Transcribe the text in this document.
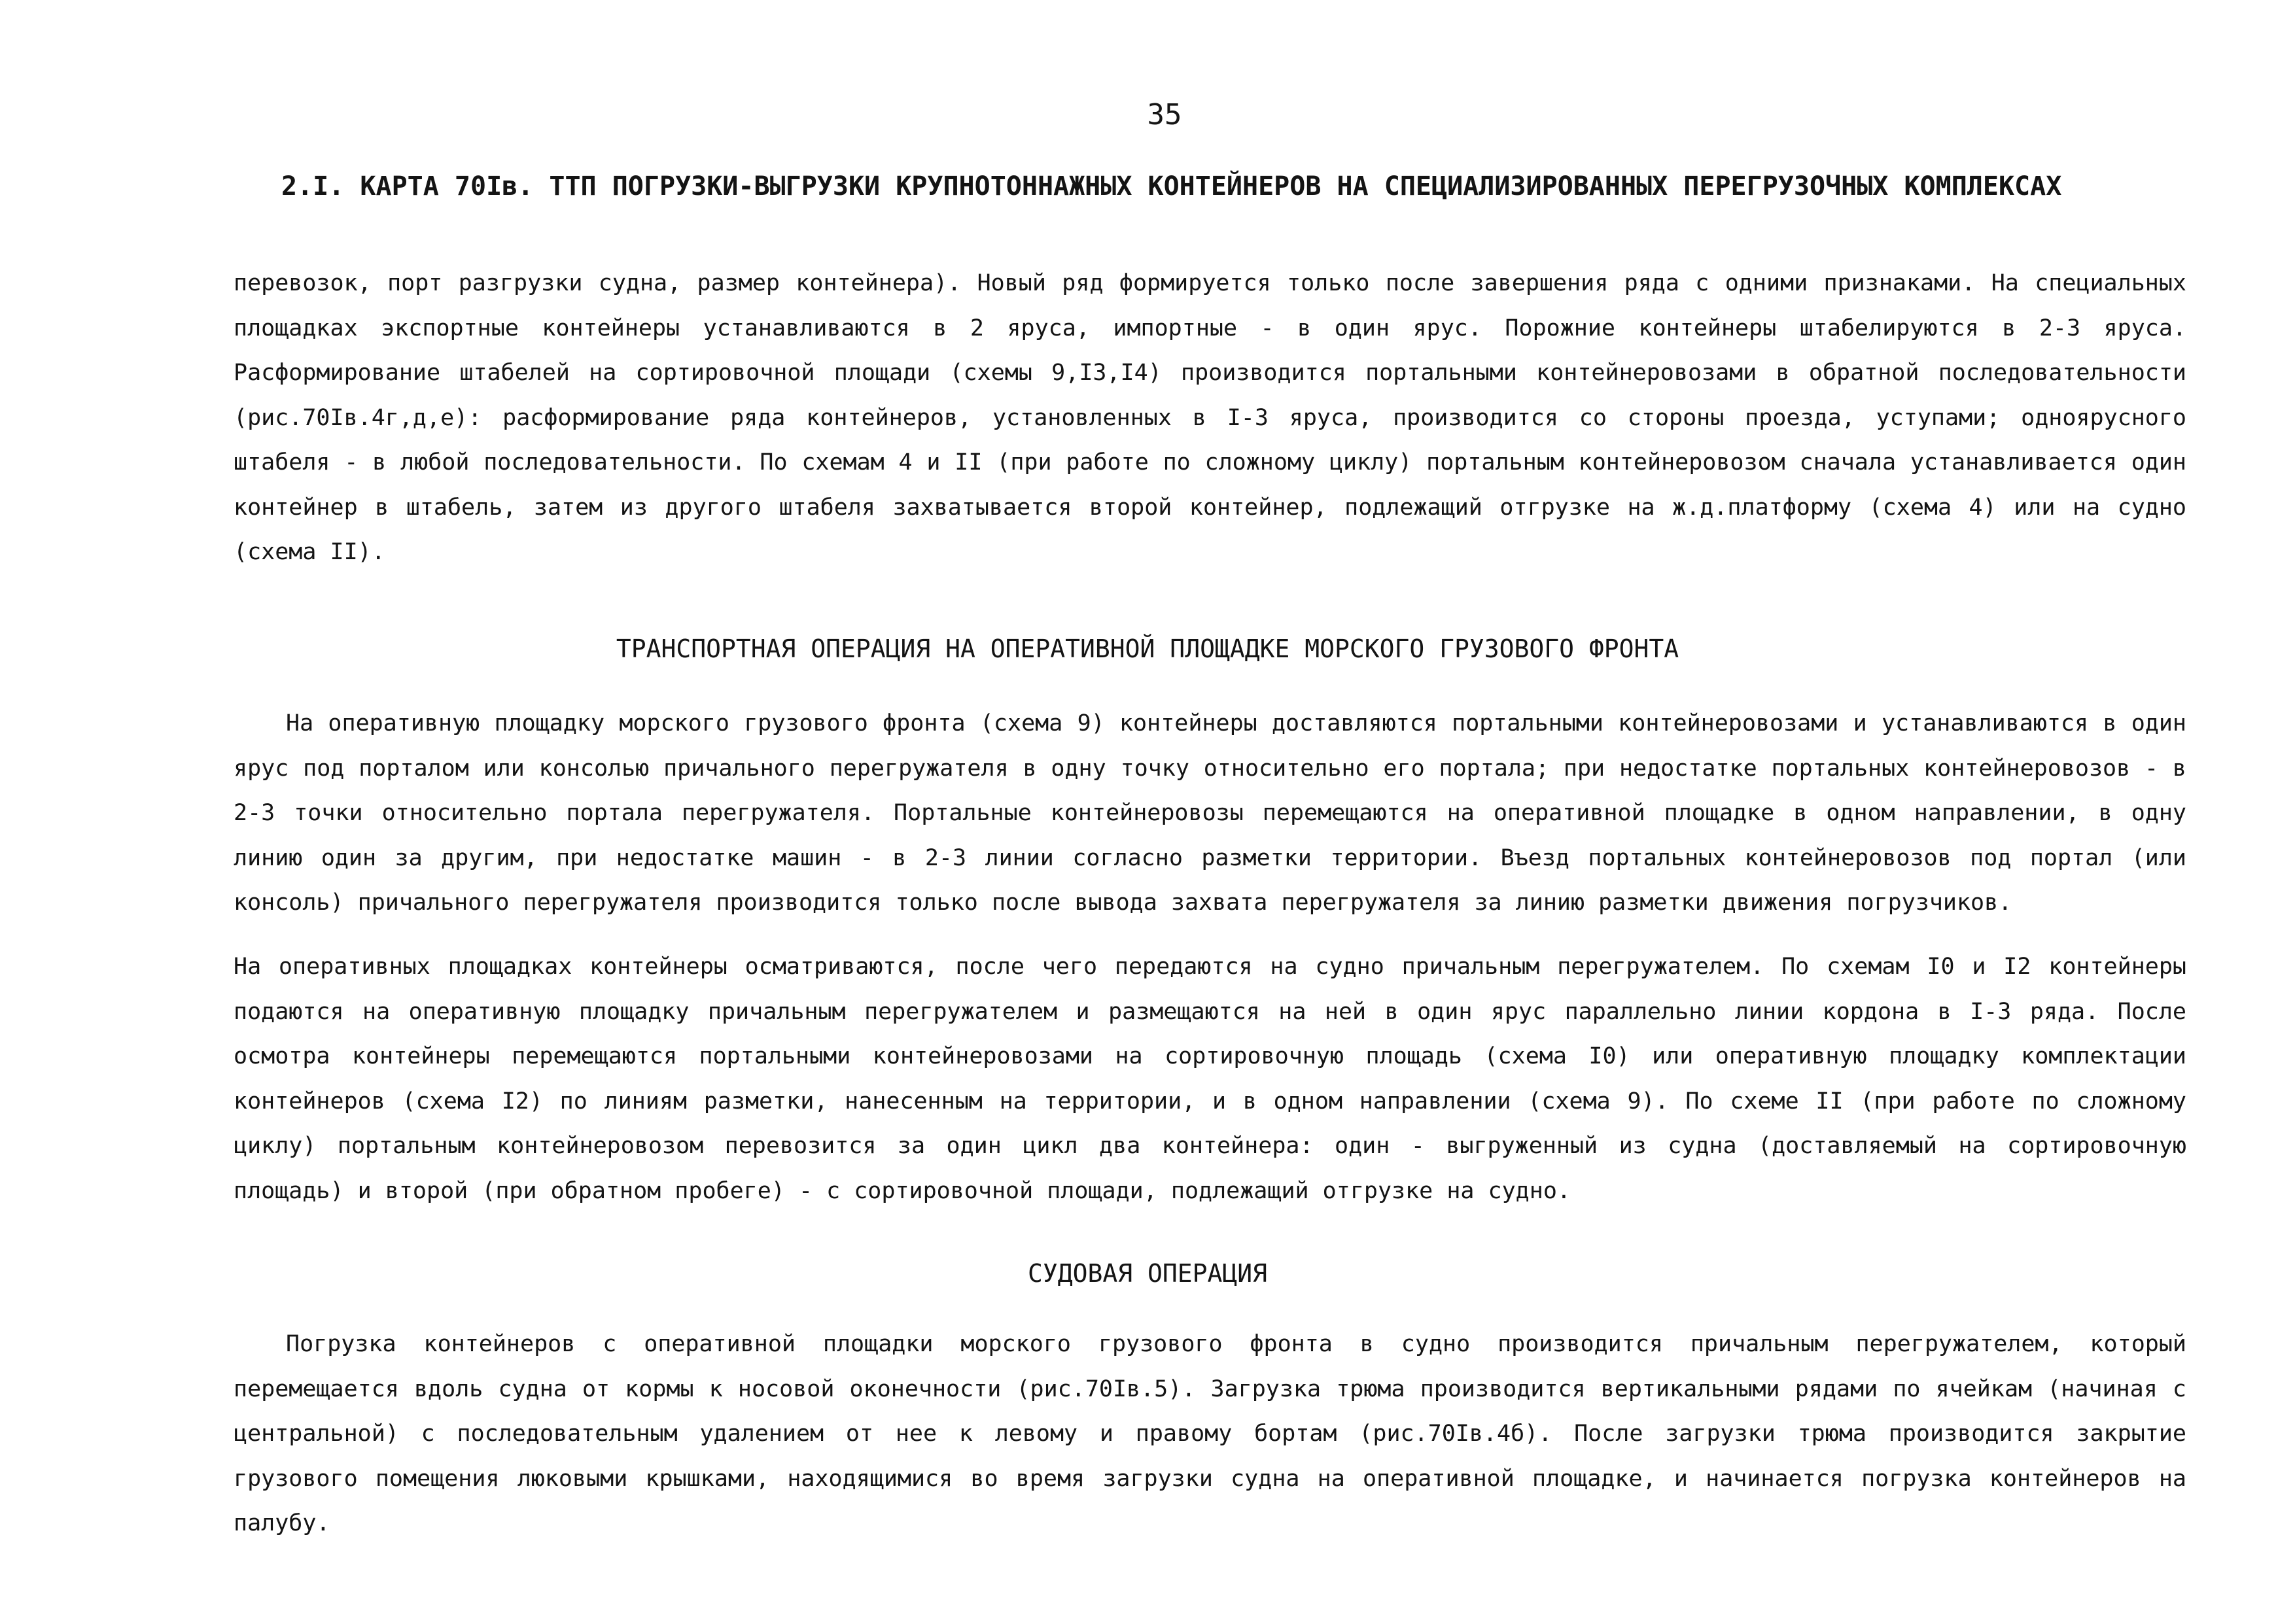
35
2.I. КАРТА 70Iв. ТТП ПОГРУЗКИ-ВЫГРУЗКИ КРУПНОТОННАЖНЫХ КОНТЕЙНЕРОВ НА СПЕЦИАЛИЗИРОВАННЫХ ПЕРЕГРУЗОЧНЫХ КОМПЛЕКСАХ

перевозок, порт разгрузки судна, размер контейнера). Новый ряд формируется только после завершения ряда с одними признаками. На специальных площадках экспортные контейнеры устанавливаются в 2 яруса, импортные - в один ярус. Порожние контейнеры штабелируются в 2-3 яруса. Расформирование штабелей на сортировочной площади (схемы 9,I3,I4) производится портальными контейнеровозами в обратной последовательности (рис.70Iв.4г,д,е): расформирование ряда контейнеров, установленных в I-3 яруса, производится со стороны проезда, уступами; одноярусного штабеля - в любой последовательности. По схемам 4 и II (при работе по сложному циклу) портальным контейнеровозом сначала устанавливается один контейнер в штабель, затем из другого штабеля захватывается второй контейнер, подлежащий отгрузке на ж.д.платформу (схема 4) или на судно (схема II).

ТРАНСПОРТНАЯ ОПЕРАЦИЯ НА ОПЕРАТИВНОЙ ПЛОЩАДКЕ МОРСКОГО ГРУЗОВОГО ФРОНТА

На оперативную площадку морского грузового фронта (схема 9) контейнеры доставляются портальными контейнеровозами и устанавливаются в один ярус под порталом или консолью причального перегружателя в одну точку относительно его портала; при недостатке портальных контейнеровозов - в 2-3 точки относительно портала перегружателя. Портальные контейнеровозы перемещаются на оперативной площадке в одном направлении, в одну линию один за другим, при недостатке машин - в 2-3 линии согласно разметки территории. Въезд портальных контейнеровозов под портал (или консоль) причального перегружателя производится только после вывода захвата перегружателя за линию разметки движения погрузчиков.

На оперативных площадках контейнеры осматриваются, после чего передаются на судно причальным перегружателем. По схемам I0 и I2 контейнеры подаются на оперативную площадку причальным перегружателем и размещаются на ней в один ярус параллельно линии кордона в I-3 ряда. После осмотра контейнеры перемещаются портальными контейнеровозами на сортировочную площадь (схема I0) или оперативную площадку комплектации контейнеров (схема I2) по линиям разметки, нанесенным на территории, и в одном направлении (схема 9). По схеме II (при работе по сложному циклу) портальным контейнеровозом перевозится за один цикл два контейнера: один - выгруженный из судна (доставляемый на сортировочную площадь) и второй (при обратном пробеге) - с сортировочной площади, подлежащий отгрузке на судно.

СУДОВАЯ ОПЕРАЦИЯ

Погрузка контейнеров с оперативной площадки морского грузового фронта в судно производится причальным перегружателем, который перемещается вдоль судна от кормы к носовой оконечности (рис.70Iв.5). Загрузка трюма производится вертикальными рядами по ячейкам (начиная с центральной) с последовательным удалением от нее к левому и правому бортам (рис.70Iв.4б). После загрузки трюма производится закрытие грузового помещения люковыми крышками, находящимися во время загрузки судна на оперативной площадке, и начинается погрузка контейнеров на палубу.
